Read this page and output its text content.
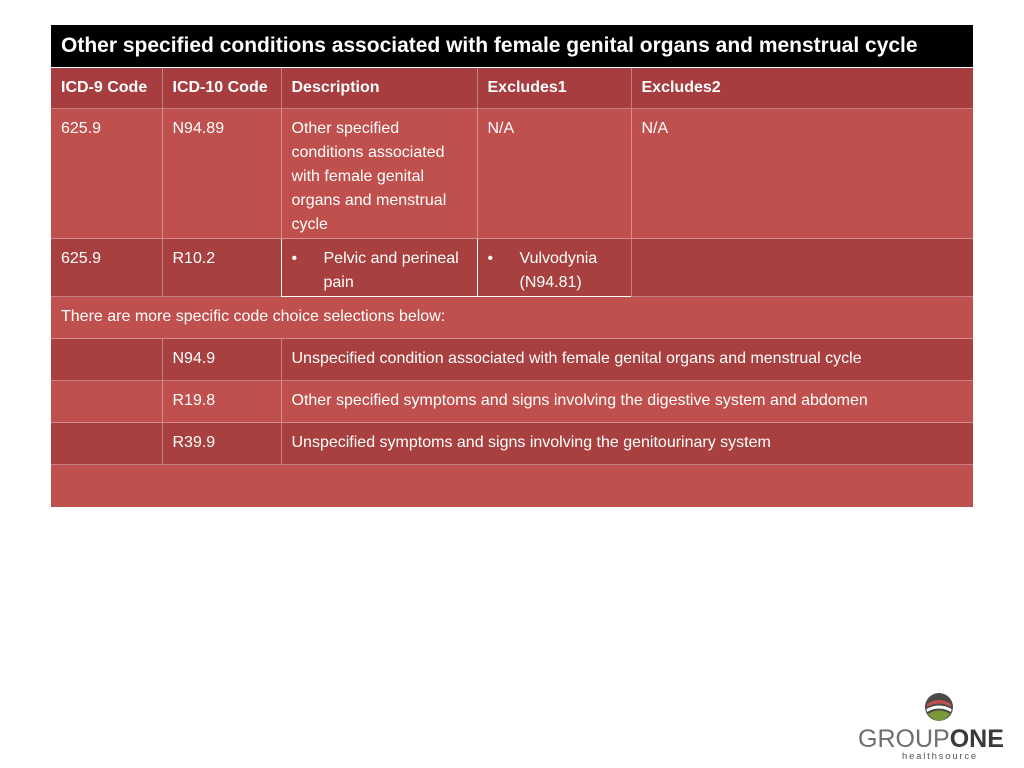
Other specified conditions associated with female genital organs and menstrual cycle
ICD-9 Code	ICD-10 Code	Description	Excludes1	Excludes2
625.9	N94.89	Other specified conditions associated with female genital organs and menstrual cycle	N/A	N/A
625.9	R10.2	• Pelvic and perineal pain	• Vulvodynia (N94.81)	
There are more specific code choice selections below:				
	N94.9	Unspecified condition associated with female genital organs and menstrual cycle		
	R19.8	Other specified symptoms and signs involving the digestive system and abdomen		
	R39.9	Unspecified symptoms and signs involving the genitourinary system		

GROUPONE
healthsource
